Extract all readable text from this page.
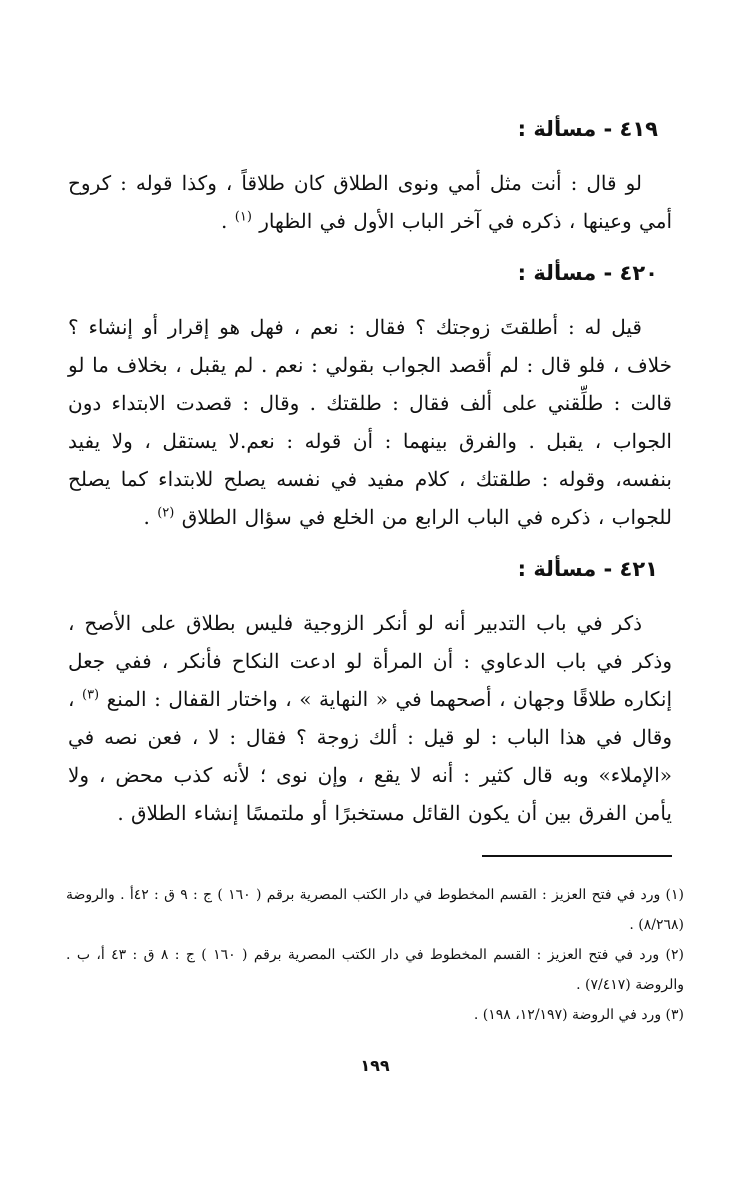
٤١٩ - مسألة :

لو قال : أنت مثل أمي ونوى الطلاق كان طلاقاً ، وكذا قوله : كروح أمي وعينها ، ذكره في آخر الباب الأول في الظهار $^{(١)}$ .

٤٢٠ - مسألة :

قيل له : أطلقتَ زوجتك ؟ فقال : نعم ، فهل هو إقرار أو إنشاء ؟ خلاف ، فلو قال : لم أقصد الجواب بقولي : نعم . لم يقبل ، بخلاف ما لو قالت : طلِّقني على ألف فقال : طلقتك . وقال : قصدت الابتداء دون الجواب ، يقبل . والفرق بينهما : أن قوله : نعم.لا يستقل ، ولا يفيد بنفسه، وقوله : طلقتك ، كلام مفيد في نفسه يصلح للابتداء كما يصلح للجواب ، ذكره في الباب الرابع من الخلع في سؤال الطلاق $^{(٢)}$ .

٤٢١ - مسألة :

ذكر في باب التدبير أنه لو أنكر الزوجية فليس بطلاق على الأصح ، وذكر في باب الدعاوي : أن المرأة لو ادعت النكاح فأنكر ، ففي جعل إنكاره طلاقًا وجهان ، أصحهما في « النهاية » ، واختار القفال : المنع $^{(٣)}$ ، وقال في هذا الباب : لو قيل : ألك زوجة ؟ فقال : لا ، فعن نصه في «الإملاء» وبه قال كثير : أنه لا يقع ، وإن نوى ؛ لأنه كذب محض ، ولا يأمن الفرق بين أن يكون القائل مستخبرًا أو ملتمسًا إنشاء الطلاق .

(١) ورد في فتح العزيز : القسم المخطوط في دار الكتب المصرية برقم ( ١٦٠ ) ج : ٩ ق : ٤٢أ . والروضة (٨/٢٦٨) .

(٢) ورد في فتح العزيز : القسم المخطوط في دار الكتب المصرية برقم ( ١٦٠ ) ج : ٨ ق : ٤٣ أ، ب . والروضة (٧/٤١٧) .

(٣) ورد في الروضة (١٢/١٩٧، ١٩٨) .

١٩٩
